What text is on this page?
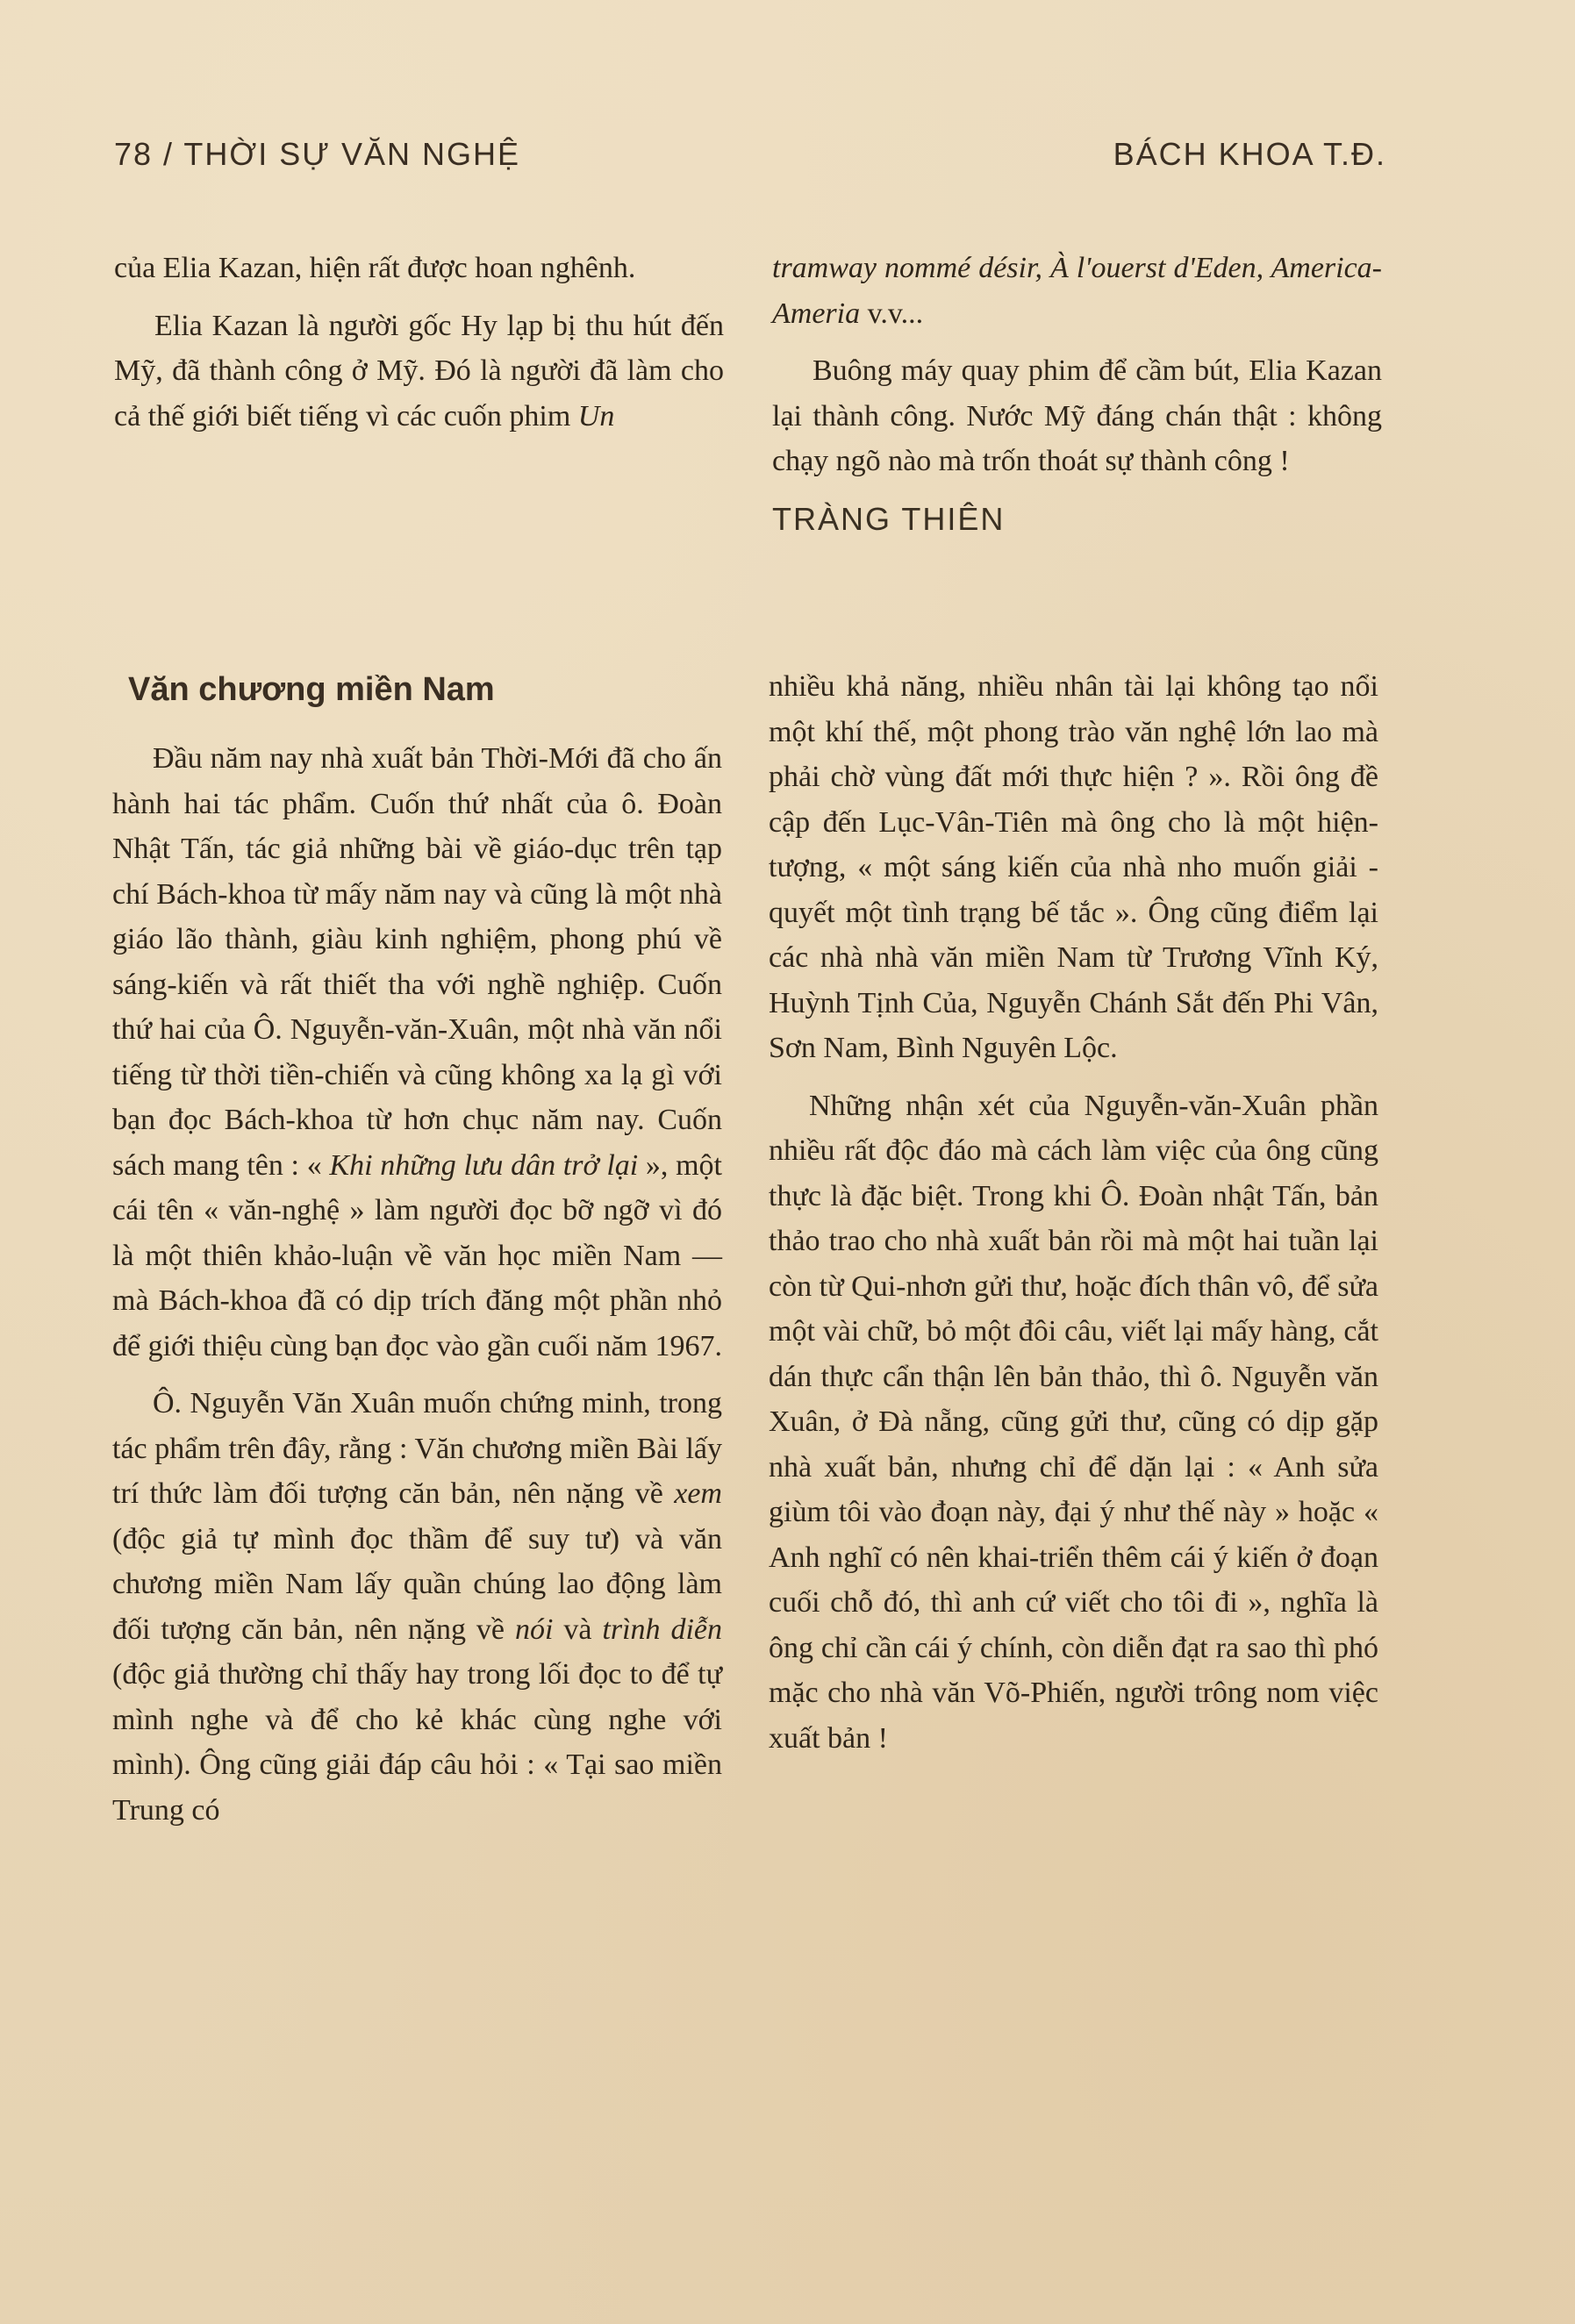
78 / THỜI SỰ VĂN NGHỆ	BÁCH KHOA T.Đ.

của Elia Kazan, hiện rất được hoan nghênh.

Elia Kazan là người gốc Hy lạp bị thu hút đến Mỹ, đã thành công ở Mỹ. Đó là người đã làm cho cả thế giới biết tiếng vì các cuốn phim Un

tramway nommé désir, À l'ouerst d'Eden, America-Ameria v.v...

Buông máy quay phim để cầm bút, Elia Kazan lại thành công. Nước Mỹ đáng chán thật : không chạy ngõ nào mà trốn thoát sự thành công !

TRÀNG THIÊN

Văn chương miền Nam

Đầu năm nay nhà xuất bản Thời-Mới đã cho ấn hành hai tác phẩm. Cuốn thứ nhất của ô. Đoàn Nhật Tấn, tác giả những bài về giáo-dục trên tạp chí Bách-khoa từ mấy năm nay và cũng là một nhà giáo lão thành, giàu kinh nghiệm, phong phú về sáng-kiến và rất thiết tha với nghề nghiệp. Cuốn thứ hai của Ô. Nguyễn-văn-Xuân, một nhà văn nổi tiếng từ thời tiền-chiến và cũng không xa lạ gì với bạn đọc Bách-khoa từ hơn chục năm nay. Cuốn sách mang tên : « Khi những lưu dân trở lại », một cái tên « văn-nghệ » làm người đọc bỡ ngỡ vì đó là một thiên khảo-luận về văn học miền Nam — mà Bách-khoa đã có dịp trích đăng một phần nhỏ để giới thiệu cùng bạn đọc vào gần cuối năm 1967.

Ô. Nguyễn Văn Xuân muốn chứng minh, trong tác phẩm trên đây, rằng : Văn chương miền Bài lấy trí thức làm đối tượng căn bản, nên nặng về xem (độc giả tự mình đọc thầm để suy tư) và văn chương miền Nam lấy quần chúng lao động làm đối tượng căn bản, nên nặng về nói và trình diễn (độc giả thường chỉ thấy hay trong lối đọc to để tự mình nghe và để cho kẻ khác cùng nghe với mình). Ông cũng giải đáp câu hỏi : « Tại sao miền Trung có

nhiều khả năng, nhiều nhân tài lại không tạo nổi một khí thế, một phong trào văn nghệ lớn lao mà phải chờ vùng đất mới thực hiện ? ». Rồi ông đề cập đến Lục-Vân-Tiên mà ông cho là một hiện-tượng, « một sáng kiến của nhà nho muốn giải - quyết một tình trạng bế tắc ». Ông cũng điểm lại các nhà nhà văn miền Nam từ Trương Vĩnh Ký, Huỳnh Tịnh Của, Nguyễn Chánh Sắt đến Phi Vân, Sơn Nam, Bình Nguyên Lộc.

Những nhận xét của Nguyễn-văn-Xuân phần nhiều rất độc đáo mà cách làm việc của ông cũng thực là đặc biệt. Trong khi Ô. Đoàn nhật Tấn, bản thảo trao cho nhà xuất bản rồi mà một hai tuần lại còn từ Qui-nhơn gửi thư, hoặc đích thân vô, để sửa một vài chữ, bỏ một đôi câu, viết lại mấy hàng, cắt dán thực cẩn thận lên bản thảo, thì ô. Nguyễn văn Xuân, ở Đà nẵng, cũng gửi thư, cũng có dịp gặp nhà xuất bản, nhưng chỉ để dặn lại : « Anh sửa giùm tôi vào đoạn này, đại ý như thế này » hoặc « Anh nghĩ có nên khai-triển thêm cái ý kiến ở đoạn cuối chỗ đó, thì anh cứ viết cho tôi đi », nghĩa là ông chỉ cần cái ý chính, còn diễn đạt ra sao thì phó mặc cho nhà văn Võ-Phiến, người trông nom việc xuất bản !
